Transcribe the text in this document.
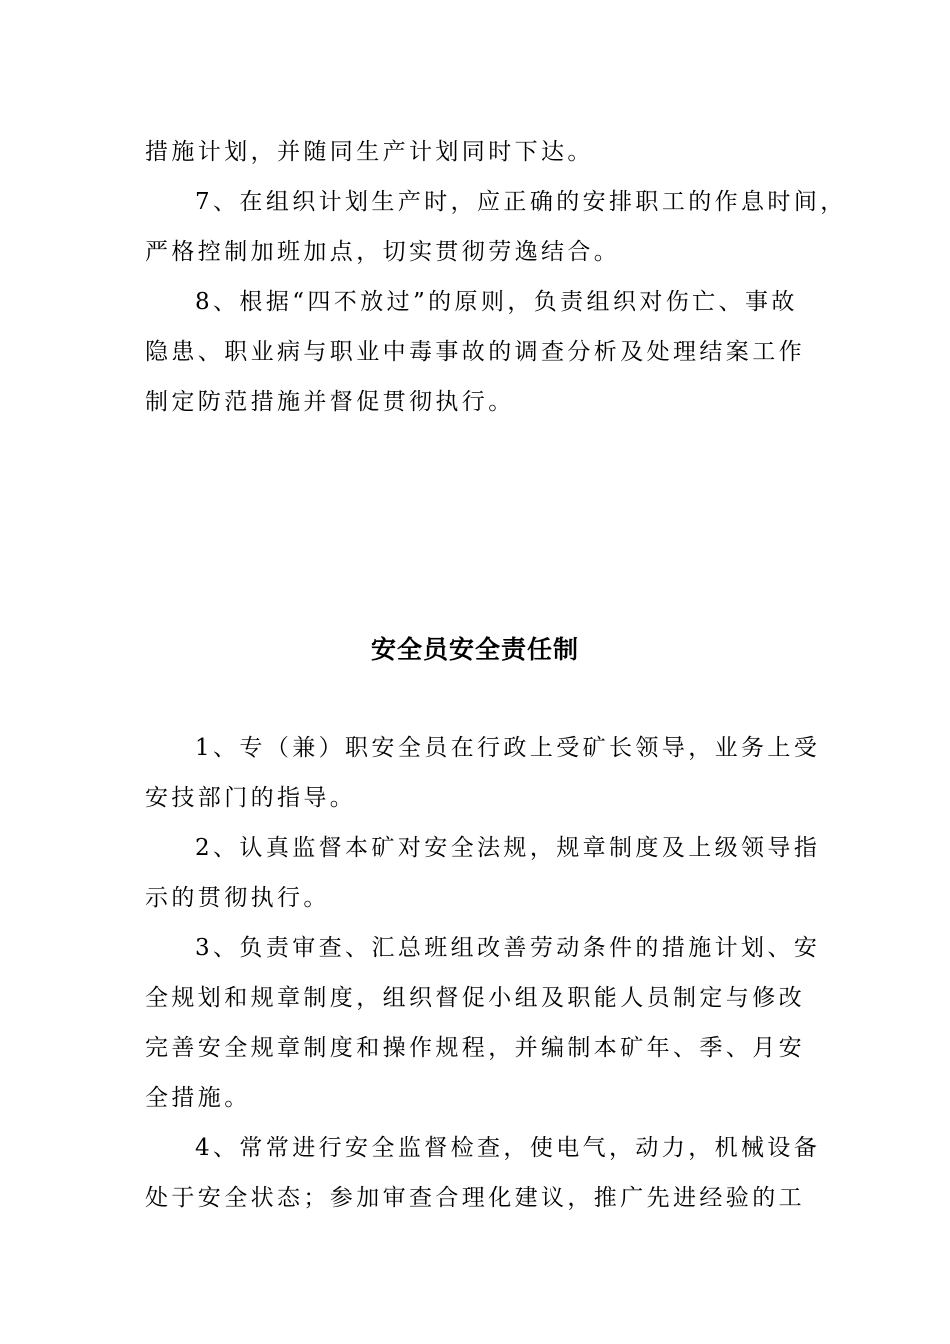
措施计划，并随同生产计划同时下达。
7、在组织计划生产时，应正确的安排职工的作息时间，
严格控制加班加点，切实贯彻劳逸结合。
8、根据“四不放过”的原则，负责组织对伤亡、事故
隐患、职业病与职业中毒事故的调查分析及处理结案工作
制定防范措施并督促贯彻执行。
安全员安全责任制
1、专（兼）职安全员在行政上受矿长领导，业务上受
安技部门的指导。
2、认真监督本矿对安全法规，规章制度及上级领导指
示的贯彻执行。
3、负责审查、汇总班组改善劳动条件的措施计划、安
全规划和规章制度，组织督促小组及职能人员制定与修改
完善安全规章制度和操作规程，并编制本矿年、季、月安
全措施。
4、常常进行安全监督检查，使电气，动力，机械设备
处于安全状态；参加审查合理化建议，推广先进经验的工
